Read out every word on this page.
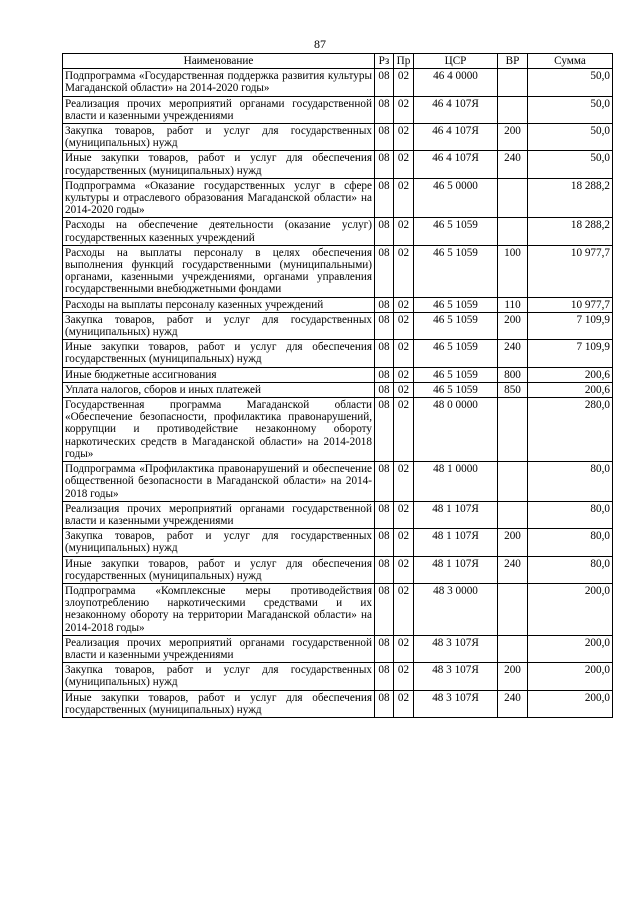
87
Наименование	Рз	Пр	ЦСР	ВР	Сумма
Подпрограмма «Государственная поддержка развития культуры Магаданской области» на 2014-2020 годы»	08	02	46 4 0000		50,0
Реализация прочих мероприятий органами государственной власти и казенными учреждениями	08	02	46 4 107Я		50,0
Закупка товаров, работ и услуг для государственных (муниципальных) нужд	08	02	46 4 107Я	200	50,0
Иные закупки товаров, работ и услуг для обеспечения государственных (муниципальных) нужд	08	02	46 4 107Я	240	50,0
Подпрограмма «Оказание государственных услуг в сфере культуры и отраслевого образования Магаданской области» на 2014-2020 годы»	08	02	46 5 0000		18 288,2
Расходы на обеспечение деятельности (оказание услуг) государственных казенных учреждений	08	02	46 5 1059		18 288,2
Расходы на выплаты персоналу в целях обеспечения выполнения функций государственными (муниципальными) органами, казенными учреждениями, органами управления государственными внебюджетными фондами	08	02	46 5 1059	100	10 977,7
Расходы на выплаты персоналу казенных учреждений	08	02	46 5 1059	110	10 977,7
Закупка товаров, работ и услуг для государственных (муниципальных) нужд	08	02	46 5 1059	200	7 109,9
Иные закупки товаров, работ и услуг для обеспечения государственных (муниципальных) нужд	08	02	46 5 1059	240	7 109,9
Иные бюджетные ассигнования	08	02	46 5 1059	800	200,6
Уплата налогов, сборов и иных платежей	08	02	46 5 1059	850	200,6
Государственная программа Магаданской области «Обеспечение безопасности, профилактика правонарушений, коррупции и противодействие незаконному обороту наркотических средств в Магаданской области» на 2014-2018 годы»	08	02	48 0 0000		280,0
Подпрограмма «Профилактика правонарушений и обеспечение общественной безопасности в Магаданской области» на 2014-2018 годы»	08	02	48 1 0000		80,0
Реализация прочих мероприятий органами государственной власти и казенными учреждениями	08	02	48 1 107Я		80,0
Закупка товаров, работ и услуг для государственных (муниципальных) нужд	08	02	48 1 107Я	200	80,0
Иные закупки товаров, работ и услуг для обеспечения государственных (муниципальных) нужд	08	02	48 1 107Я	240	80,0
Подпрограмма «Комплексные меры противодействия злоупотреблению наркотическими средствами и их незаконному обороту на территории Магаданской области» на 2014-2018 годы»	08	02	48 3 0000		200,0
Реализация прочих мероприятий органами государственной власти и казенными учреждениями	08	02	48 3 107Я		200,0
Закупка товаров, работ и услуг для государственных (муниципальных) нужд	08	02	48 3 107Я	200	200,0
Иные закупки товаров, работ и услуг для обеспечения государственных (муниципальных) нужд	08	02	48 3 107Я	240	200,0
